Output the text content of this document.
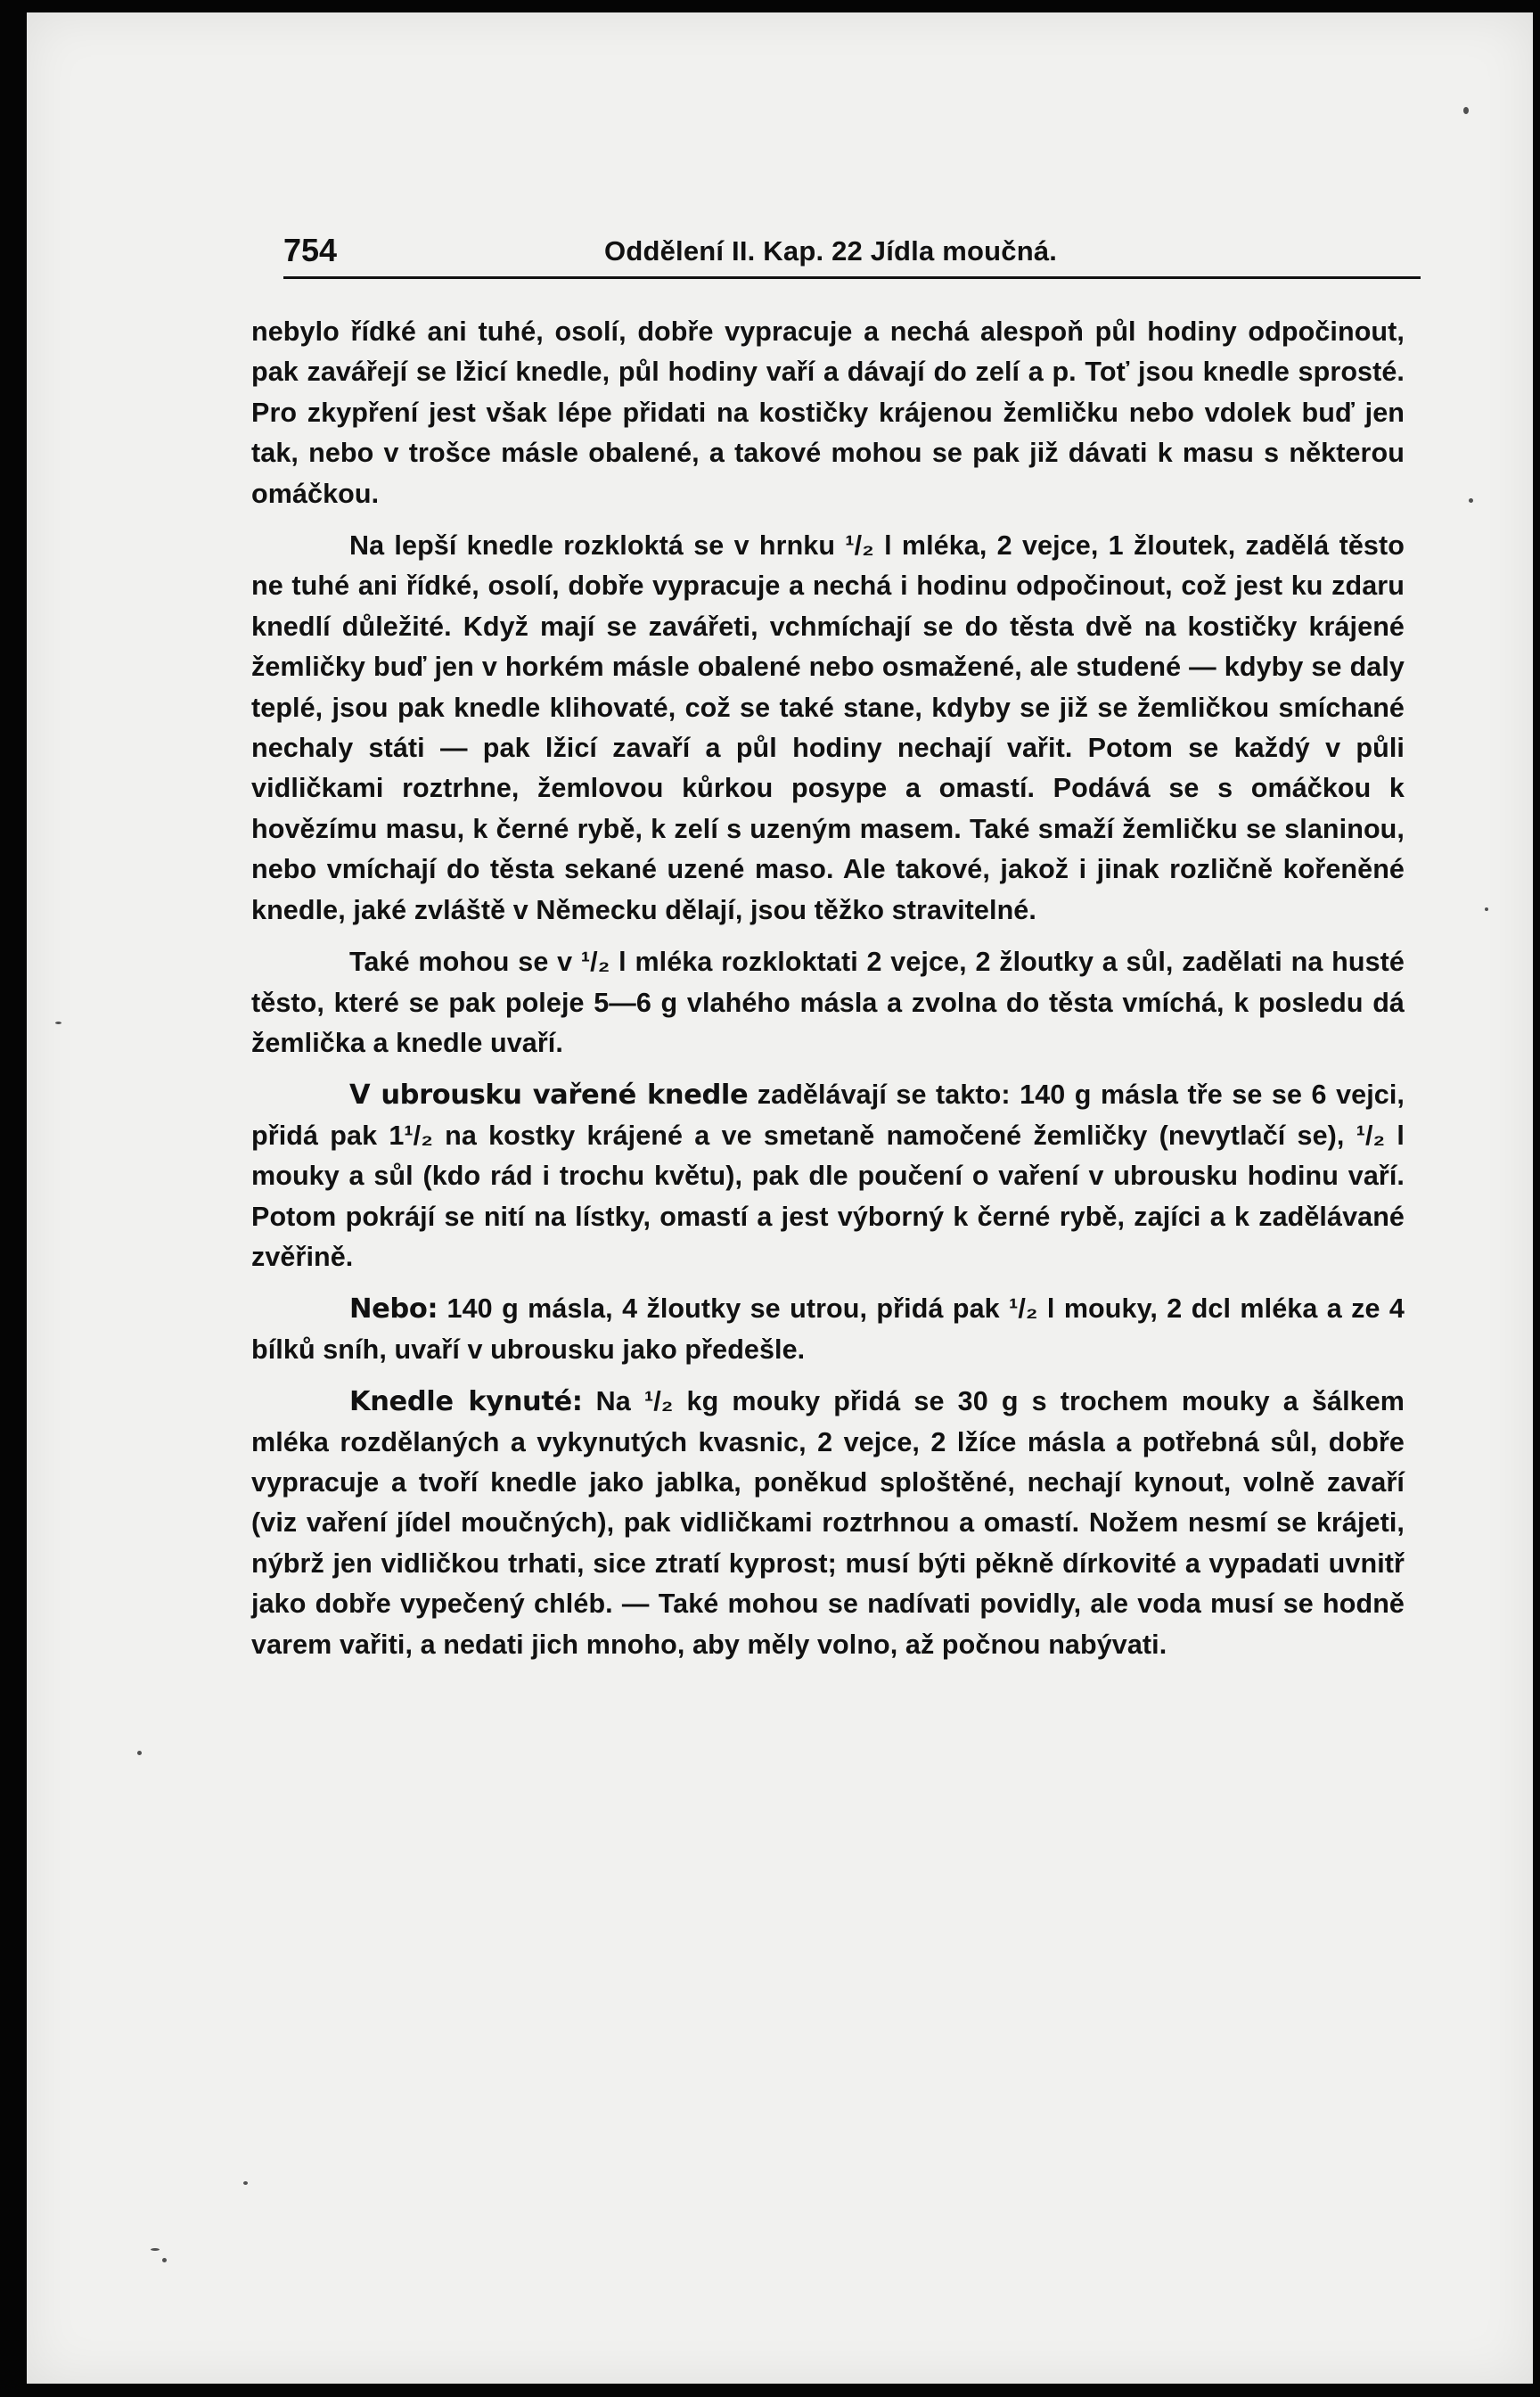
754	Oddělení II. Kap. 22 Jídla moučná.

nebylo řídké ani tuhé, osolí, dobře vypracuje a nechá alespoň půl hodiny odpočinout, pak zavářejí se lžicí knedle, půl hodiny vaří a dávají do zelí a p. Toť jsou knedle sprosté. Pro zkypření jest však lépe přidati na kostičky krájenou žemličku nebo vdolek buď jen tak, nebo v trošce másle obalené, a takové mohou se pak již dávati k masu s některou omáčkou.

Na lepší knedle rozkloktá se v hrnku ¹/₂ l mléka, 2 vejce, 1 žloutek, zadělá těsto ne tuhé ani řídké, osolí, dobře vypracuje a nechá i hodinu odpočinout, což jest ku zdaru knedlí důležité. Když mají se zavářeti, vchmíchají se do těsta dvě na kostičky krájené žemličky buď jen v horkém másle obalené nebo osmažené, ale studené — kdyby se daly teplé, jsou pak knedle klihovaté, což se také stane, kdyby se již se žemličkou smíchané nechaly státi — pak lžicí zavaří a půl hodiny nechají vařit. Potom se každý v půli vidličkami roztrhne, žemlovou kůrkou posype a omastí. Podává se s omáčkou k hovězímu masu, k černé rybě, k zelí s uzeným masem. Také smaží žemličku se slaninou, nebo vmíchají do těsta sekané uzené maso. Ale takové, jakož i jinak rozličně kořeněné knedle, jaké zvláště v Německu dělají, jsou těžko stravitelné.

Také mohou se v ¹/₂ l mléka rozkloktati 2 vejce, 2 žloutky a sůl, zadělati na husté těsto, které se pak poleje 5—6 g vlahého másla a zvolna do těsta vmíchá, k posledu dá žemlička a knedle uvaří.

V ubrousku vařené knedle zadělávají se takto: 140 g másla tře se se 6 vejci, přidá pak 1¹/₂ na kostky krájené a ve smetaně namočené žemličky (nevytlačí se), ¹/₂ l mouky a sůl (kdo rád i trochu květu), pak dle poučení o vaření v ubrousku hodinu vaří. Potom pokrájí se nití na lístky, omastí a jest výborný k černé rybě, zajíci a k zadělávané zvěřině.

Nebo: 140 g másla, 4 žloutky se utrou, přidá pak ¹/₂ l mouky, 2 dcl mléka a ze 4 bílků sníh, uvaří v ubrousku jako předešle.

Knedle kynuté: Na ¹/₂ kg mouky přidá se 30 g s trochem mouky a šálkem mléka rozdělaných a vykynutých kvasnic, 2 vejce, 2 lžíce másla a potřebná sůl, dobře vypracuje a tvoří knedle jako jablka, poněkud sploštěné, nechají kynout, volně zavaří (viz vaření jídel moučných), pak vidličkami roztrhnou a omastí. Nožem nesmí se krájeti, nýbrž jen vidličkou trhati, sice ztratí kyprost; musí býti pěkně dírkovité a vypadati uvnitř jako dobře vypečený chléb. — Také mohou se nadívati povidly, ale voda musí se hodně varem vařiti, a nedati jich mnoho, aby měly volno, až počnou nabývati.
